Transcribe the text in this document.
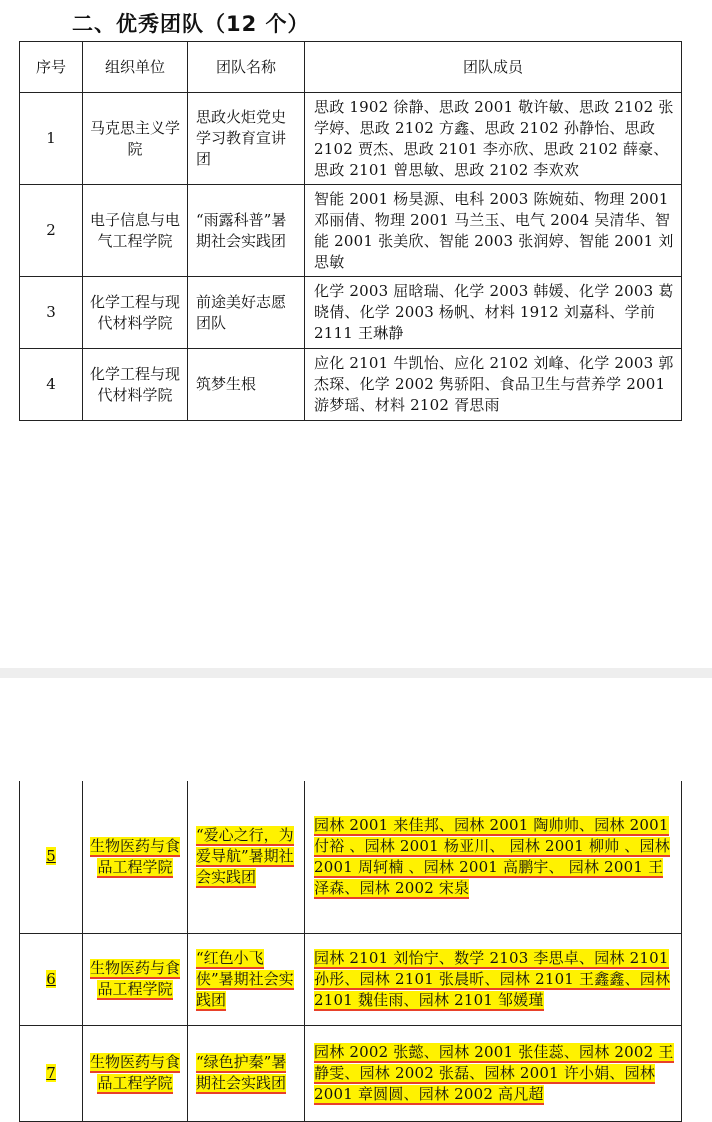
二、优秀团队（12 个）
序号	组织单位	团队名称	团队成员
1	马克思主义学院	思政火炬党史学习教育宣讲团	思政 1902 徐静、思政 2001 敬许敏、思政 2102 张学婷、思政 2102 方鑫、思政 2102 孙静怡、思政 2102 贾杰、思政 2101 李亦欣、思政 2102 薛豪、思政 2101 曾思敏、思政 2102 李欢欢
2	电子信息与电气工程学院	“雨露科普”暑期社会实践团	智能 2001 杨昊源、电科 2003 陈婉茹、物理 2001 邓丽倩、物理 2001 马兰玉、电气 2004 吴清华、智能 2001 张美欣、智能 2003 张润婷、智能 2001 刘思敏
3	化学工程与现代材料学院	前途美好志愿团队	化学 2003 屈晗瑞、化学 2003 韩媛、化学 2003 葛晓倩、化学 2003 杨帆、材料 1912 刘嘉科、学前 2111 王琳静
4	化学工程与现代材料学院	筑梦生根	应化 2101 牛凯怡、应化 2102 刘峰、化学 2003 郭杰琛、化学 2002 隽骄阳、食品卫生与营养学 2001 游梦瑶、材料 2102 胥思雨
5	生物医药与食品工程学院	“爱心之行，为爱导航”暑期社会实践团	园林 2001 来佳邦、园林 2001 陶帅帅、园林 2001 付裕 、园林 2001 杨亚川、 园林 2001 柳帅 、园林 2001 周轲楠 、园林 2001 高鹏宇、 园林 2001 王泽森、园林 2002 宋泉
6	生物医药与食品工程学院	“红色小飞侠”暑期社会实践团	园林 2101 刘怡宁、数学 2103 李思卓、园林 2101 孙彤、园林 2101 张晨昕、园林 2101 王鑫鑫、园林 2101 魏佳雨、园林 2101 邹媛瑾
7	生物医药与食品工程学院	“绿色护秦”暑期社会实践团	园林 2002 张懿、园林 2001 张佳蕊、园林 2002 王静雯、园林 2002 张磊、园林 2001 许小娟、园林 2001 章圆圆、园林 2002 高凡超
